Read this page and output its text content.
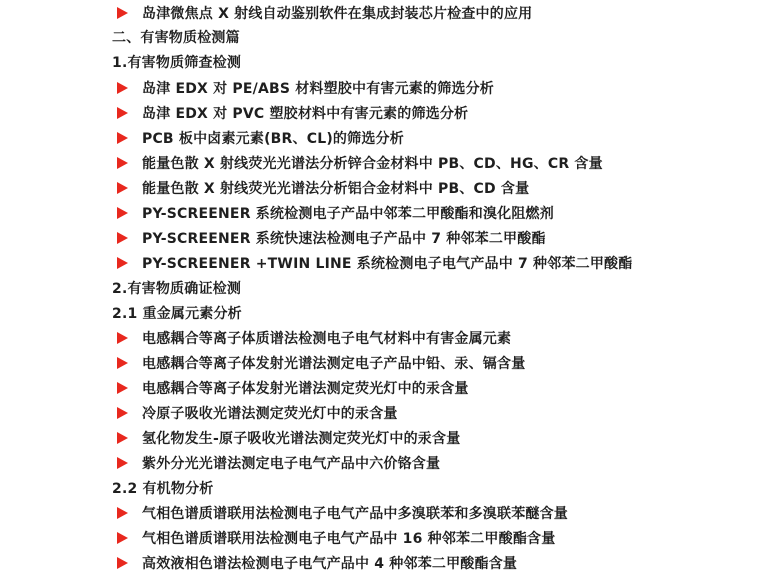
岛津微焦点 X 射线自动鉴别软件在集成封装芯片检查中的应用
二、有害物质检测篇
1.有害物质筛查检测
岛津 EDX 对 PE/ABS 材料塑胶中有害元素的筛选分析
岛津 EDX 对 PVC 塑胶材料中有害元素的筛选分析
PCB 板中卤素元素(BR、CL)的筛选分析
能量色散 X 射线荧光光谱法分析锌合金材料中 PB、CD、HG、CR 含量
能量色散 X 射线荧光光谱法分析铝合金材料中 PB、CD 含量
PY-SCREENER 系统检测电子产品中邻苯二甲酸酯和溴化阻燃剂
PY-SCREENER 系统快速法检测电子产品中 7 种邻苯二甲酸酯
PY-SCREENER +TWIN LINE 系统检测电子电气产品中 7 种邻苯二甲酸酯
2.有害物质确证检测
2.1 重金属元素分析
电感耦合等离子体质谱法检测电子电气材料中有害金属元素
电感耦合等离子体发射光谱法测定电子产品中铅、汞、镉含量
电感耦合等离子体发射光谱法测定荧光灯中的汞含量
冷原子吸收光谱法测定荧光灯中的汞含量
氢化物发生-原子吸收光谱法测定荧光灯中的汞含量
紫外分光光谱法测定电子电气产品中六价铬含量
2.2 有机物分析
气相色谱质谱联用法检测电子电气产品中多溴联苯和多溴联苯醚含量
气相色谱质谱联用法检测电子电气产品中 16 种邻苯二甲酸酯含量
高效液相色谱法检测电子电气产品中 4 种邻苯二甲酸酯含量
